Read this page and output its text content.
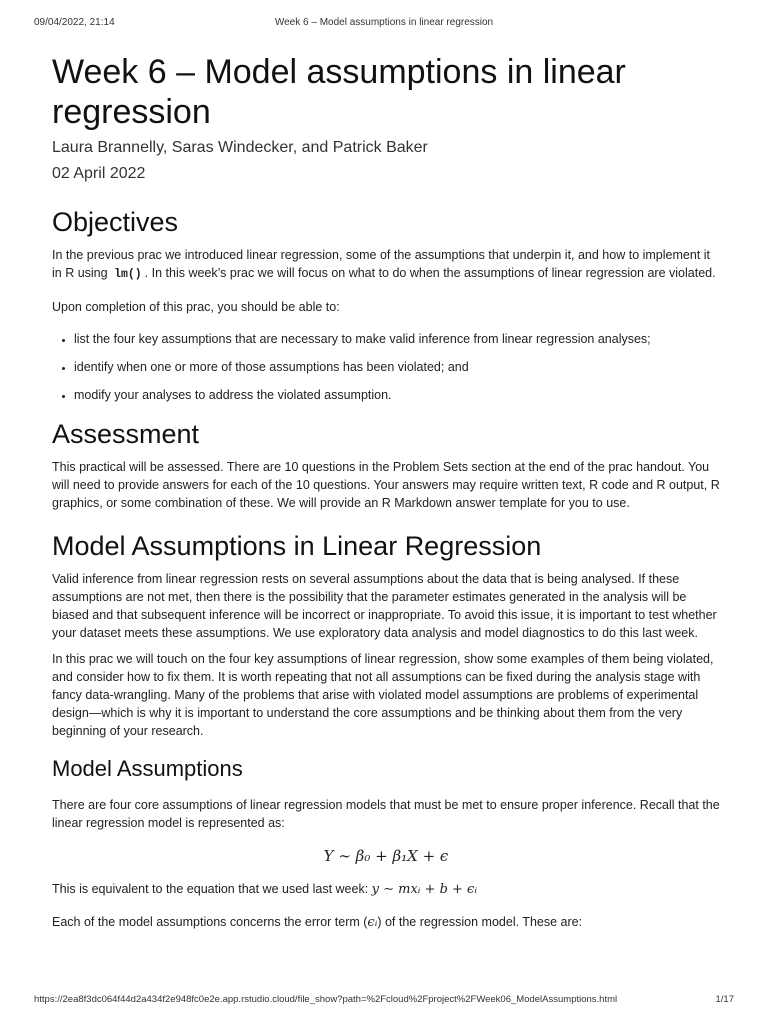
09/04/2022, 21:14	Week 6 – Model assumptions in linear regression
Week 6 – Model assumptions in linear regression
Laura Brannelly, Saras Windecker, and Patrick Baker
02 April 2022
Objectives

In the previous prac we introduced linear regression, some of the assumptions that underpin it, and how to implement it in R using lm() . In this week’s prac we will focus on what to do when the assumptions of linear regression are violated.

Upon completion of this prac, you should be able to:

• list the four key assumptions that are necessary to make valid inference from linear regression analyses;
• identify when one or more of those assumptions has been violated; and
• modify your analyses to address the violated assumption.
Assessment

This practical will be assessed. There are 10 questions in the Problem Sets section at the end of the prac handout. You will need to provide answers for each of the 10 questions. Your answers may require written text, R code and R output, R graphics, or some combination of these. We will provide an R Markdown answer template for you to use.

Model Assumptions in Linear Regression

Valid inference from linear regression rests on several assumptions about the data that is being analysed. If these assumptions are not met, then there is the possibility that the parameter estimates generated in the analysis will be biased and that subsequent inference will be incorrect or inappropriate. To avoid this issue, it is important to test whether your dataset meets these assumptions. We use exploratory data analysis and model diagnostics to do this last week.

In this prac we will touch on the four key assumptions of linear regression, show some examples of them being violated, and consider how to fix them. It is worth repeating that not all assumptions can be fixed during the analysis stage with fancy data-wrangling. Many of the problems that arise with violated model assumptions are problems of experimental design—which is why it is important to understand the core assumptions and be thinking about them from the very beginning of your research.

Model Assumptions

There are four core assumptions of linear regression models that must be met to ensure proper inference. Recall that the linear regression model is represented as:

Y ∼ β₀ + β₁X + ϵ

This is equivalent to the equation that we used last week: y ∼ mxᵢ + b + ϵᵢ

Each of the model assumptions concerns the error term (ϵᵢ) of the regression model. These are:

https://2ea8f3dc064f44d2a434f2e948fc0e2e.app.rstudio.cloud/file_show?path=%2Fcloud%2Fproject%2FWeek06_ModelAssumptions.html	1/17
